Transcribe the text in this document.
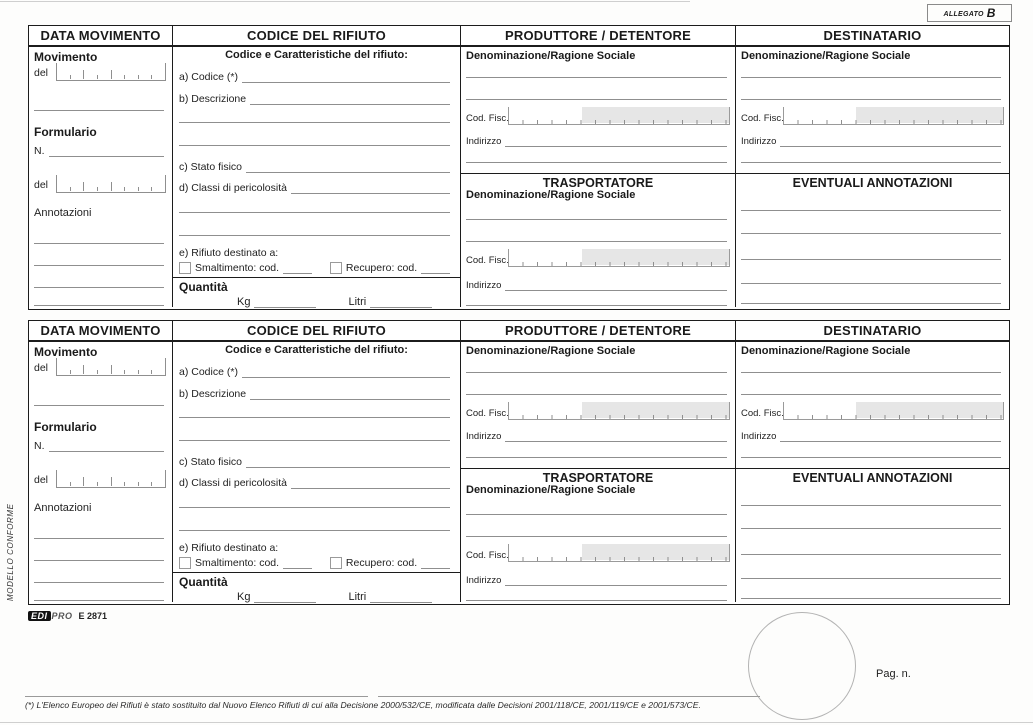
allegato B
DATA MOVIMENTO	CODICE DEL RIFIUTO	PRODUTTORE / DETENTORE	DESTINATARIO
Movimento
del
Formulario
N.
del
Annotazioni
Codice e Caratteristiche del rifiuto:
a) Codice (*)
b) Descrizione
c) Stato fisico
d) Classi di pericolosità
e) Rifiuto destinato a:
Smaltimento: cod.	Recupero: cod.
Quantità
Kg	Litri
Denominazione/Ragione Sociale
Cod. Fisc.
Indirizzo
TRASPORTATORE
Denominazione/Ragione Sociale
Cod. Fisc.
Indirizzo
Denominazione/Ragione Sociale
Cod. Fisc.
Indirizzo
EVENTUALI ANNOTAZIONI
DATA MOVIMENTO	CODICE DEL RIFIUTO	PRODUTTORE / DETENTORE	DESTINATARIO
Movimento
del
Formulario
N.
del
Annotazioni
Codice e Caratteristiche del rifiuto:
a) Codice (*)
b) Descrizione
c) Stato fisico
d) Classi di pericolosità
e) Rifiuto destinato a:
Smaltimento: cod.	Recupero: cod.
Quantità
Kg	Litri
Denominazione/Ragione Sociale
Cod. Fisc.
Indirizzo
TRASPORTATORE
Denominazione/Ragione Sociale
Cod. Fisc.
Indirizzo
Denominazione/Ragione Sociale
Cod. Fisc.
Indirizzo
EVENTUALI ANNOTAZIONI
MODELLO CONFORME
EDI PRO E 2871
Pag. n.
(*) L'Elenco Europeo dei Rifiuti è stato sostituito dal Nuovo Elenco Rifiuti di cui alla Decisione 2000/532/CE, modificata dalle Decisioni 2001/118/CE, 2001/119/CE e 2001/573/CE.
